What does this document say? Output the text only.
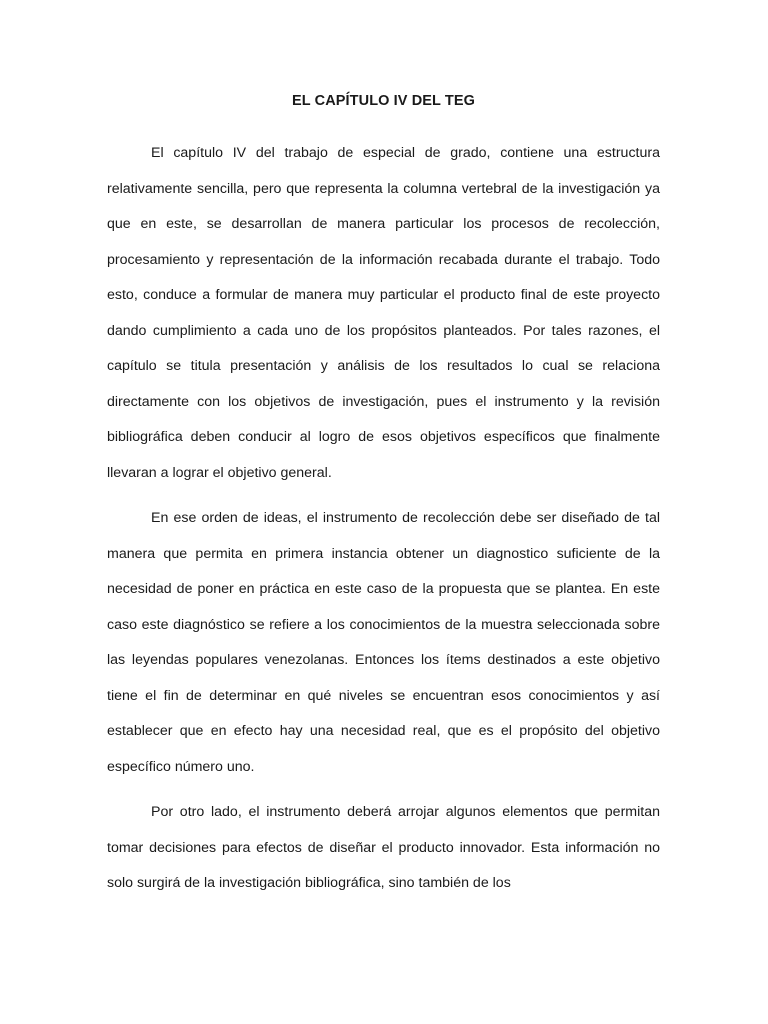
EL CAPÍTULO IV DEL TEG

El capítulo IV del trabajo de especial de grado, contiene una estructura relativamente sencilla, pero que representa la columna vertebral de la investigación ya que en este, se desarrollan de manera particular los procesos de recolección, procesamiento y representación de la información recabada durante el trabajo. Todo esto, conduce a formular de manera muy particular el producto final de este proyecto dando cumplimiento a cada uno de los propósitos planteados. Por tales razones, el capítulo se titula presentación y análisis de los resultados lo cual se relaciona directamente con los objetivos de investigación, pues el instrumento y la revisión bibliográfica deben conducir al logro de esos objetivos específicos que finalmente llevaran a lograr el objetivo general.

En ese orden de ideas, el instrumento de recolección debe ser diseñado de tal manera que permita en primera instancia obtener un diagnostico suficiente de la necesidad de poner en práctica en este caso de la propuesta que se plantea. En este caso este diagnóstico se refiere a los conocimientos de la muestra seleccionada sobre las leyendas populares venezolanas. Entonces los ítems destinados a este objetivo tiene el fin de determinar en qué niveles se encuentran esos conocimientos y así establecer que en efecto hay una necesidad real, que es el propósito del objetivo específico número uno.

Por otro lado, el instrumento deberá arrojar algunos elementos que permitan tomar decisiones para efectos de diseñar el producto innovador. Esta información no solo surgirá de la investigación bibliográfica, sino también de los
